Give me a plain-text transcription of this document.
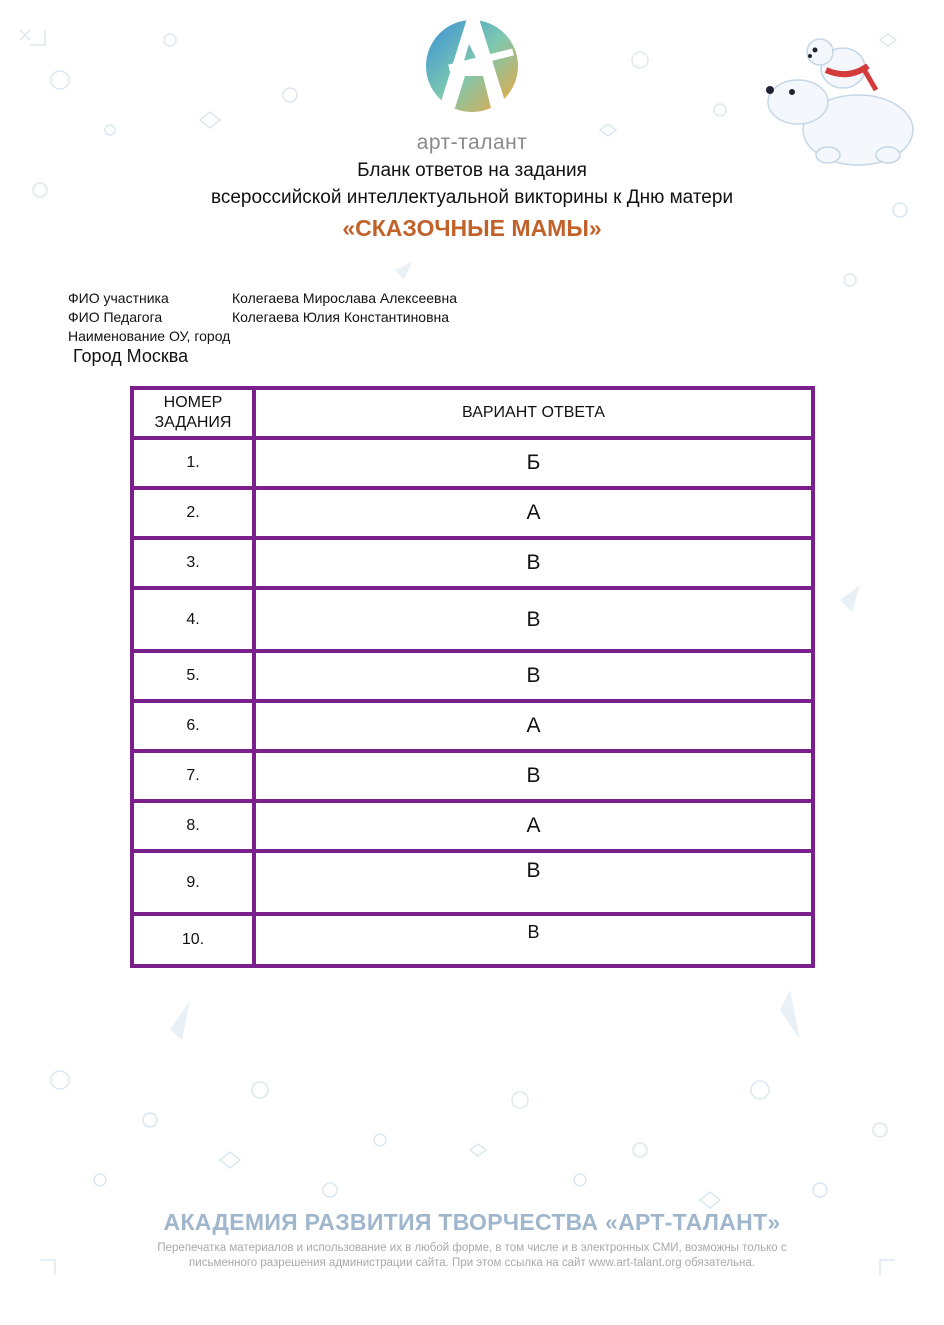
арт-талант
Бланк ответов на задания
всероссийской интеллектуальной викторины к Дню матери
«СКАЗОЧНЫЕ МАМЫ»
ФИО участника	Колегаева Мирослава Алексеевна
ФИО Педагога	Колегаева Юлия Константиновна
Наименование ОУ, город
Город Москва
НОМЕР
ЗАДАНИЯ	ВАРИАНТ ОТВЕТА
1.	Б
2.	А
3.	В
4.	В
5.	В
6.	А
7.	В
8.	А
9.	В
10.	В
АКАДЕМИЯ РАЗВИТИЯ ТВОРЧЕСТВА «АРТ-ТАЛАНТ»
Перепечатка материалов и использование их в любой форме, в том числе и в электронных СМИ, возможны только с
письменного разрешения администрации сайта. При этом ссылка на сайт www.art-talant.org обязательна.
